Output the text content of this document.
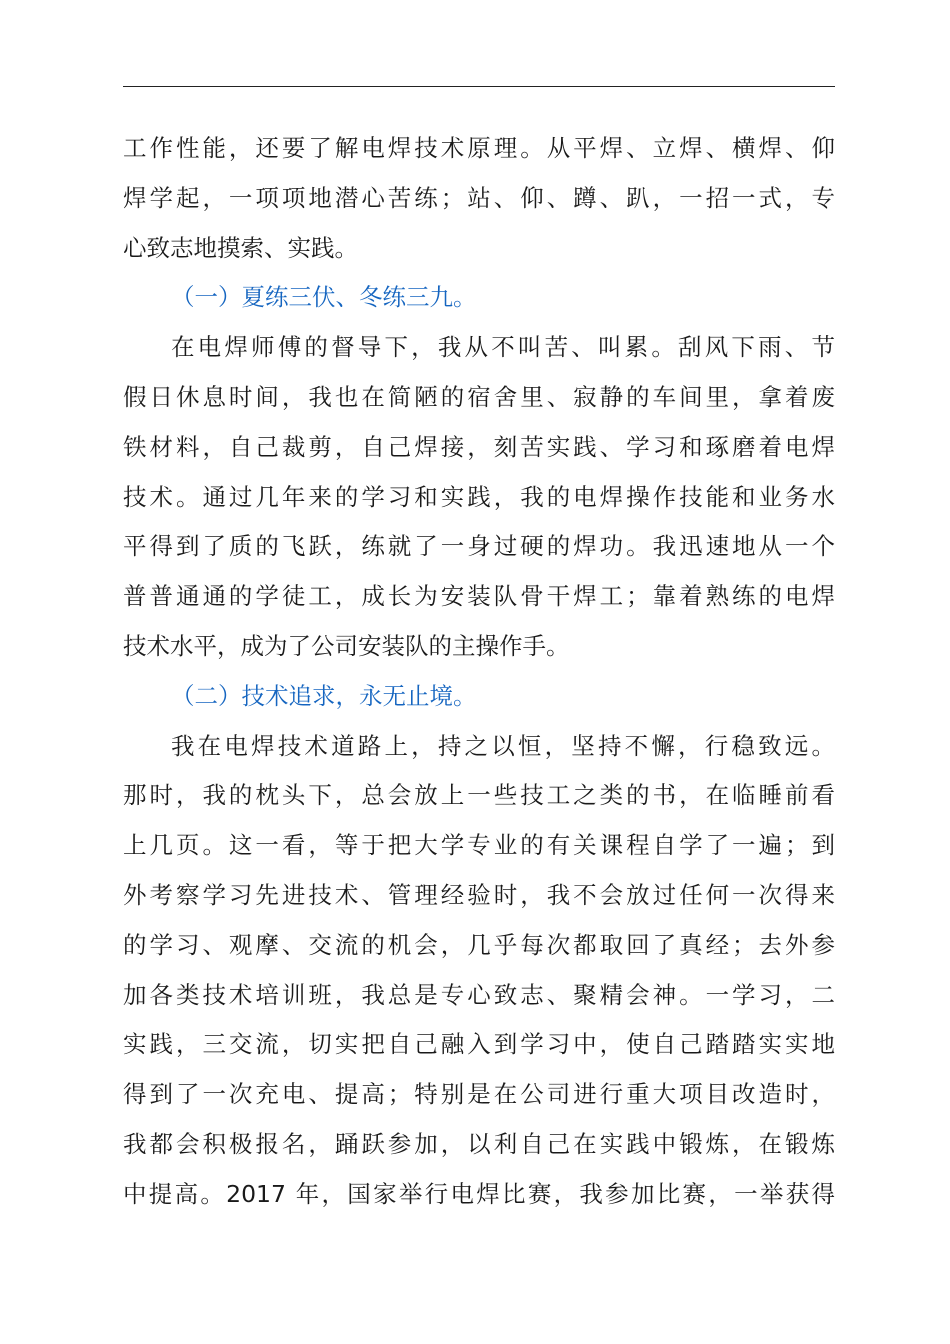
工作性能，还要了解电焊技术原理。从平焊、立焊、横焊、仰
焊学起，一项项地潜心苦练；站、仰、蹲、趴，一招一式，专
心致志地摸索、实践。
（一）夏练三伏、冬练三九。
在电焊师傅的督导下，我从不叫苦、叫累。刮风下雨、节
假日休息时间，我也在简陋的宿舍里、寂静的车间里，拿着废
铁材料，自己裁剪，自己焊接，刻苦实践、学习和琢磨着电焊
技术。通过几年来的学习和实践，我的电焊操作技能和业务水
平得到了质的飞跃，练就了一身过硬的焊功。我迅速地从一个
普普通通的学徒工，成长为安装队骨干焊工；靠着熟练的电焊
技术水平，成为了公司安装队的主操作手。
（二）技术追求，永无止境。
我在电焊技术道路上，持之以恒，坚持不懈，行稳致远。
那时，我的枕头下，总会放上一些技工之类的书，在临睡前看
上几页。这一看，等于把大学专业的有关课程自学了一遍；到
外考察学习先进技术、管理经验时，我不会放过任何一次得来
的学习、观摩、交流的机会，几乎每次都取回了真经；去外参
加各类技术培训班，我总是专心致志、聚精会神。一学习，二
实践，三交流，切实把自己融入到学习中，使自己踏踏实实地
得到了一次充电、提高；特别是在公司进行重大项目改造时，
我都会积极报名，踊跃参加，以利自己在实践中锻炼，在锻炼
中提高。2017 年，国家举行电焊比赛，我参加比赛，一举获得
